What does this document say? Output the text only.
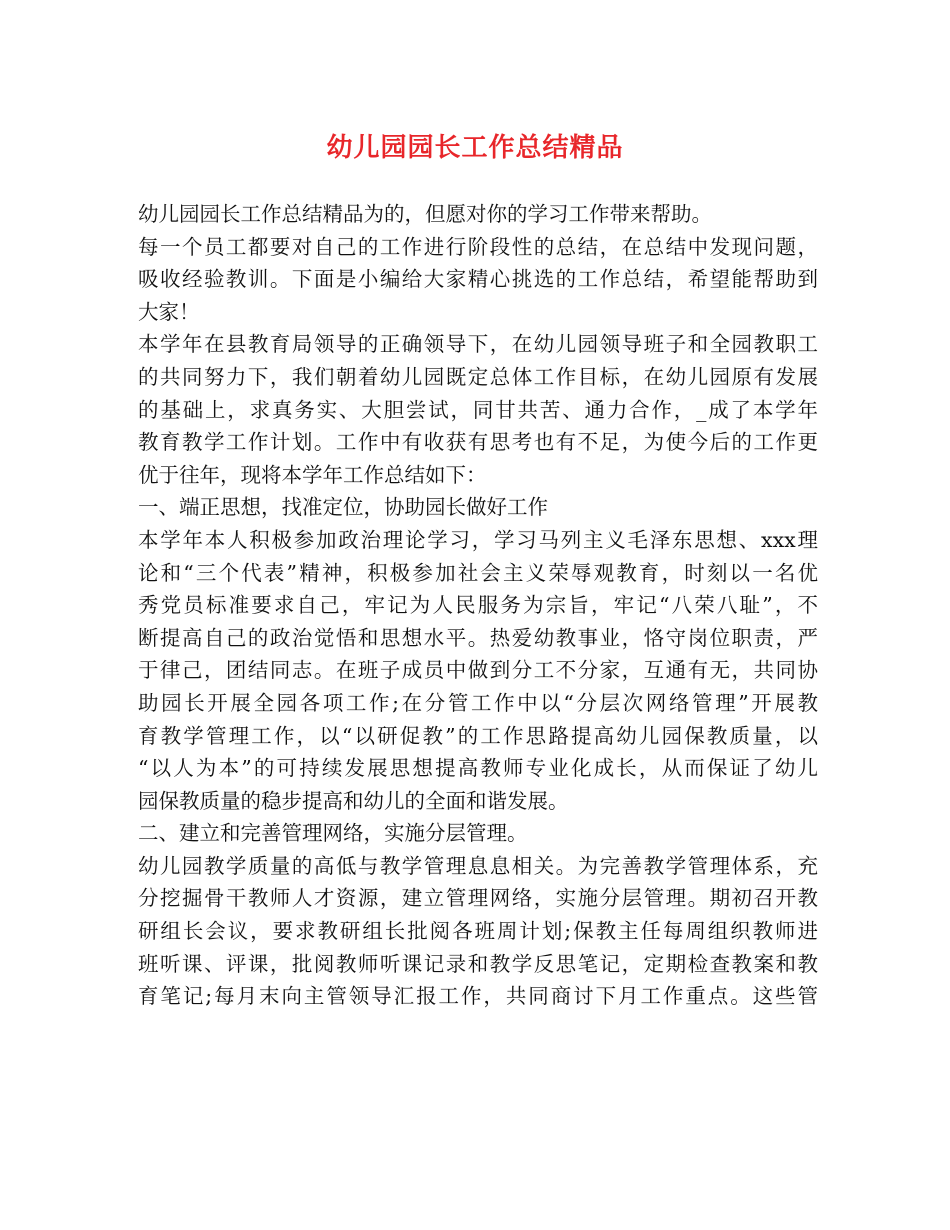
幼儿园园长工作总结精品
幼儿园园长工作总结精品为的，但愿对你的学习工作带来帮助。
每一个员工都要对自己的工作进行阶段性的总结，在总结中发现问题，
吸收经验教训。下面是小编给大家精心挑选的工作总结，希望能帮助到
大家！
本学年在县教育局领导的正确领导下，在幼儿园领导班子和全园教职工
的共同努力下，我们朝着幼儿园既定总体工作目标，在幼儿园原有发展
的基础上，求真务实、大胆尝试，同甘共苦、通力合作，_成了本学年
教育教学工作计划。工作中有收获有思考也有不足，为使今后的工作更
优于往年，现将本学年工作总结如下：
一、端正思想，找准定位，协助园长做好工作
本学年本人积极参加政治理论学习，学习马列主义毛泽东思想、xxx理
论和“三个代表”精神，积极参加社会主义荣辱观教育，时刻以一名优
秀党员标准要求自己，牢记为人民服务为宗旨，牢记“八荣八耻”，不
断提高自己的政治觉悟和思想水平。热爱幼教事业，恪守岗位职责，严
于律己，团结同志。在班子成员中做到分工不分家，互通有无，共同协
助园长开展全园各项工作;在分管工作中以“分层次网络管理”开展教
育教学管理工作，以“以研促教”的工作思路提高幼儿园保教质量，以
“以人为本”的可持续发展思想提高教师专业化成长，从而保证了幼儿
园保教质量的稳步提高和幼儿的全面和谐发展。
二、建立和完善管理网络，实施分层管理。
幼儿园教学质量的高低与教学管理息息相关。为完善教学管理体系，充
分挖掘骨干教师人才资源，建立管理网络，实施分层管理。期初召开教
研组长会议，要求教研组长批阅各班周计划;保教主任每周组织教师进
班听课、评课，批阅教师听课记录和教学反思笔记，定期检查教案和教
育笔记;每月末向主管领导汇报工作，共同商讨下月工作重点。这些管
